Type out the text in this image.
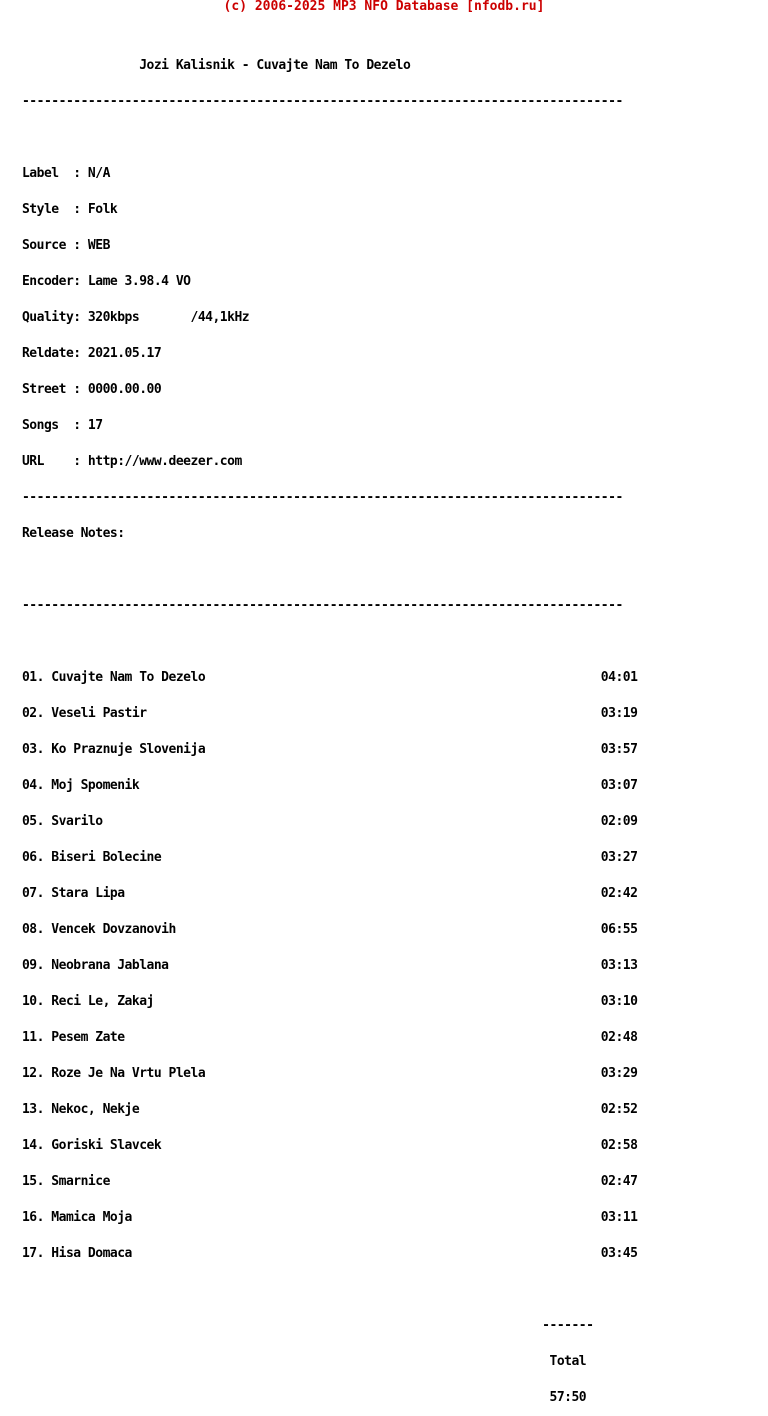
(c) 2006-2025 MP3 NFO Database [nfodb.ru]

Jozi Kalisnik - Cuvajte Nam To Dezelo

----------------------------------------------------------------------------------

Label  : N/A

Style  : Folk

Source : WEB

Encoder: Lame 3.98.4 VO

Quality: 320kbps       /44,1kHz

Reldate: 2021.05.17

Street : 0000.00.00

Songs  : 17

URL    : http://www.deezer.com

----------------------------------------------------------------------------------

Release Notes:

----------------------------------------------------------------------------------

01. Cuvajte Nam To Dezelo                                                      04:01

02. Veseli Pastir                                                              03:19

03. Ko Praznuje Slovenija                                                      03:57

04. Moj Spomenik                                                               03:07

05. Svarilo                                                                    02:09

06. Biseri Bolecine                                                            03:27

07. Stara Lipa                                                                 02:42

08. Vencek Dovzanovih                                                          06:55

09. Neobrana Jablana                                                           03:13

10. Reci Le, Zakaj                                                             03:10

11. Pesem Zate                                                                 02:48

12. Roze Je Na Vrtu Plela                                                      03:29

13. Nekoc, Nekje                                                               02:52

14. Goriski Slavcek                                                            02:58

15. Smarnice                                                                   02:47

16. Mamica Moja                                                                03:11

17. Hisa Domaca                                                                03:45

-------

Total

57:50
